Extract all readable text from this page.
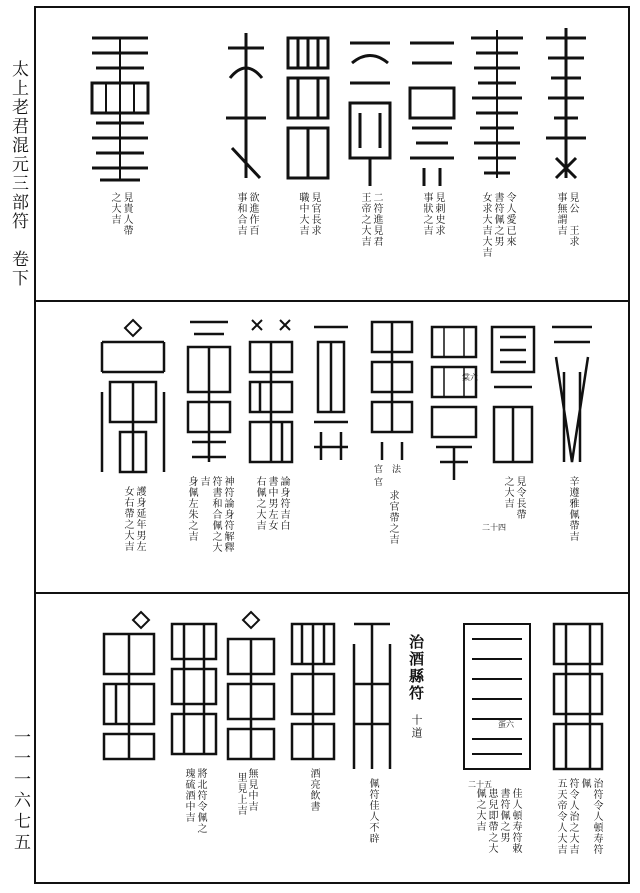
太上老君混元三部符　卷下
一一一六七五
見公　王求
事無謂吉
令人愛已來
書符佩之男
女求大吉大吉
見刺史求
事狀之吉
二符進見君
王帝之大吉
見官長求
職中大吉
欲進作百
事和合吉
見貴人帶
之大吉
辛遵雅佩帶吉
見令長帶
之大吉
二十四
棠六
官　法　官
求官帶之吉
論身符吉白
書中男左女
右佩之大吉
神符論身符解釋
符書和合佩之大吉
身佩左朱之吉
護身延年男左
女右帶之大吉
治符令人頓寿符佩
符令人治之大吉
五天帝令人大吉
二十五
佳人頓寿符敕
書符佩之男
患兒即帶之大
佩之大吉
蛋六
治酒縣符
十道
佩符佳人不辟
酒亮飲書
里見上吉 無見中吉
將北符令佩之
瑰硫酒中吉
